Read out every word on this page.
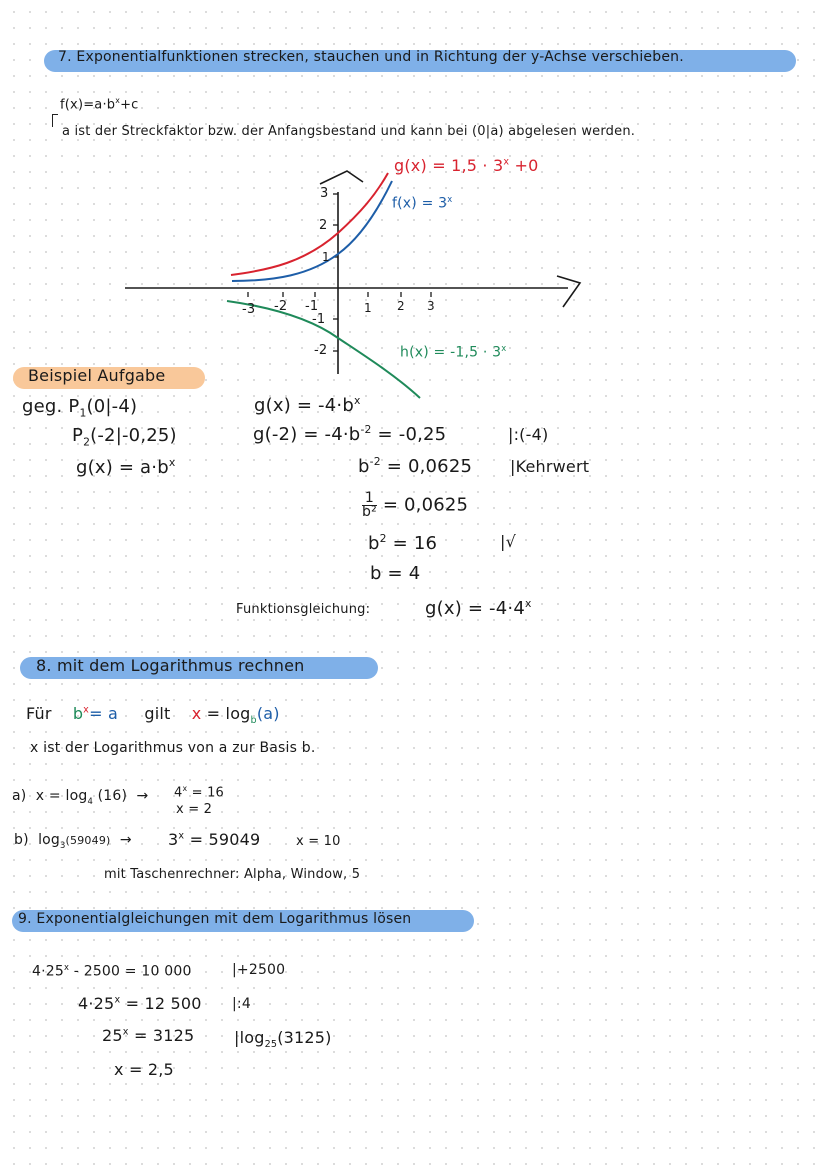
7. Exponentialfunktionen strecken, stauchen und in Richtung der y-Achse verschieben.
$f(x)=a\cdot b^x+c$
a ist der Streckfaktor bzw. der Anfangsbestand und kann bei (0|a) abgelesen werden.
-3 -2 -1	1 2 3
3
2
1
-1
-2
$g(x) = 1,5 \cdot 3^x +0$
$f(x) = 3^x$
$h(x) = -1,5 \cdot 3^x$
Beispiel Aufgabe
geg. $P_1(0|-4)$
$P_2(-2|-0,25)$
$g(x) = a\cdot b^x$
$g(x) = -4\cdot b^x$
$g(-2) = -4\cdot b^{-2} = -0,25$	|:(-4)
$b^{-2} = 0,0625$ |Kehrwert
$\frac{1}{\text{b²}} = 0,0625$
$b^2 = 16$	|√
b = 4
Funktionsgleichung:	$g(x) = -4\cdot 4^x$
8. mit dem Logarithmus rechnen
Für $b^x= a$ gilt $x = \log_b(a)$
x ist der Logarithmus von a zur Basis b.
a) $x = \log_4 (16) \to 4^x = 16$
x = 2
b) $\log_3(59049) \to 3^x = 59049$	x = 10
mit Taschenrechner: Alpha, Window, 5
9. Exponentialgleichungen mit dem Logarithmus lösen
$4\cdot 25^x - 2500 = 10$ 000	|+2500
$4\cdot 25^x = 12$ 500 |:4
$25^x = 3125$ $|\log_{25}(3125)$
x = 2,5
